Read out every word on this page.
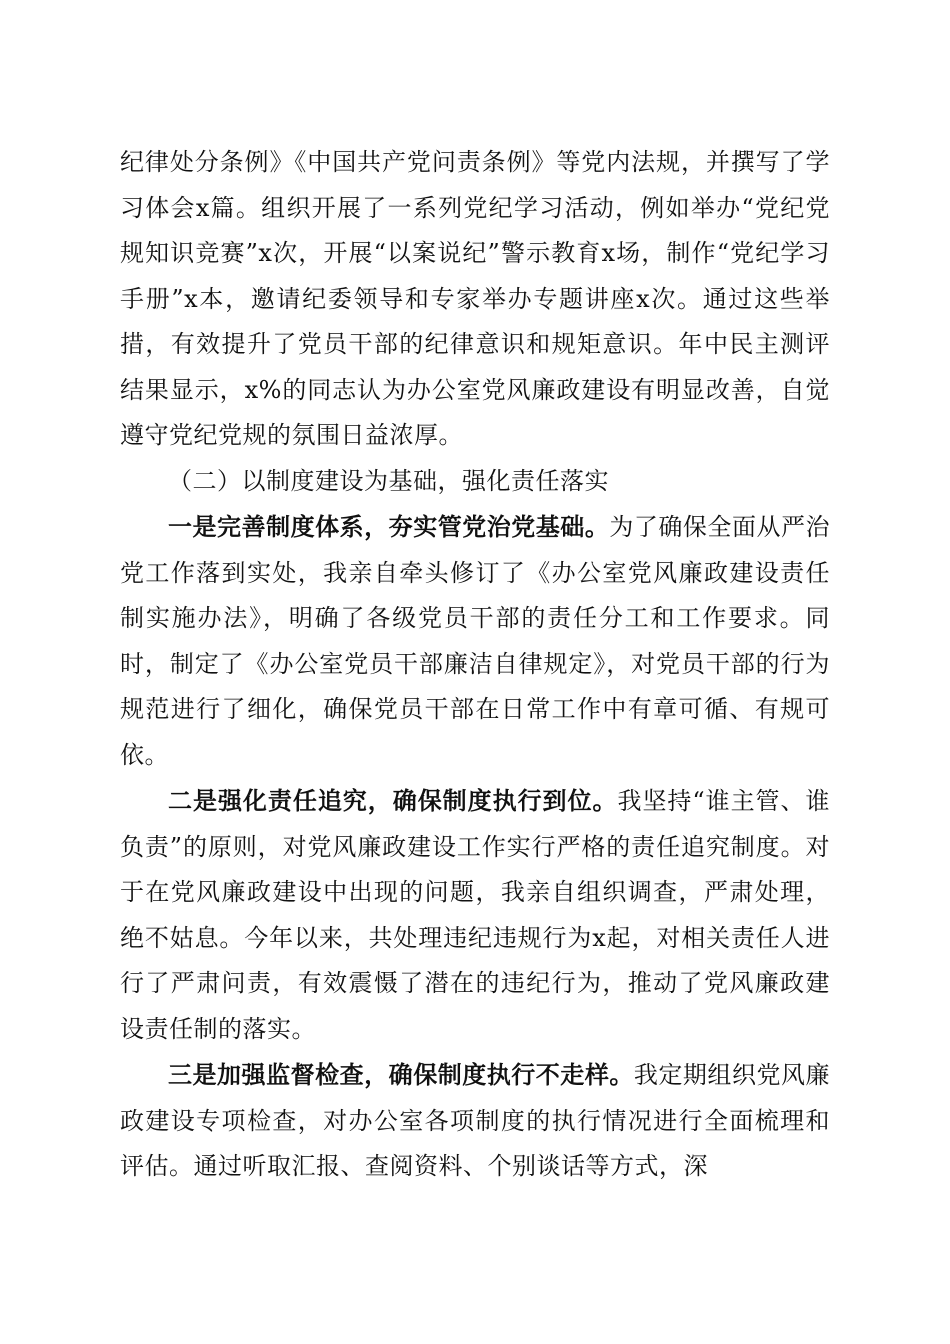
纪律处分条例》《中国共产党问责条例》等党内法规，并撰写了学习体会x篇。组织开展了一系列党纪学习活动，例如举办“党纪党规知识竞赛”x次，开展“以案说纪”警示教育x场，制作“党纪学习手册”x本，邀请纪委领导和专家举办专题讲座x次。通过这些举措，有效提升了党员干部的纪律意识和规矩意识。年中民主测评结果显示，x%的同志认为办公室党风廉政建设有明显改善，自觉遵守党纪党规的氛围日益浓厚。

（二）以制度建设为基础，强化责任落实

一是完善制度体系，夯实管党治党基础。为了确保全面从严治党工作落到实处，我亲自牵头修订了《办公室党风廉政建设责任制实施办法》，明确了各级党员干部的责任分工和工作要求。同时，制定了《办公室党员干部廉洁自律规定》，对党员干部的行为规范进行了细化，确保党员干部在日常工作中有章可循、有规可依。

二是强化责任追究，确保制度执行到位。我坚持“谁主管、谁负责”的原则，对党风廉政建设工作实行严格的责任追究制度。对于在党风廉政建设中出现的问题，我亲自组织调查，严肃处理，绝不姑息。今年以来，共处理违纪违规行为x起，对相关责任人进行了严肃问责，有效震慑了潜在的违纪行为，推动了党风廉政建设责任制的落实。

三是加强监督检查，确保制度执行不走样。我定期组织党风廉政建设专项检查，对办公室各项制度的执行情况进行全面梳理和评估。通过听取汇报、查阅资料、个别谈话等方式，深
